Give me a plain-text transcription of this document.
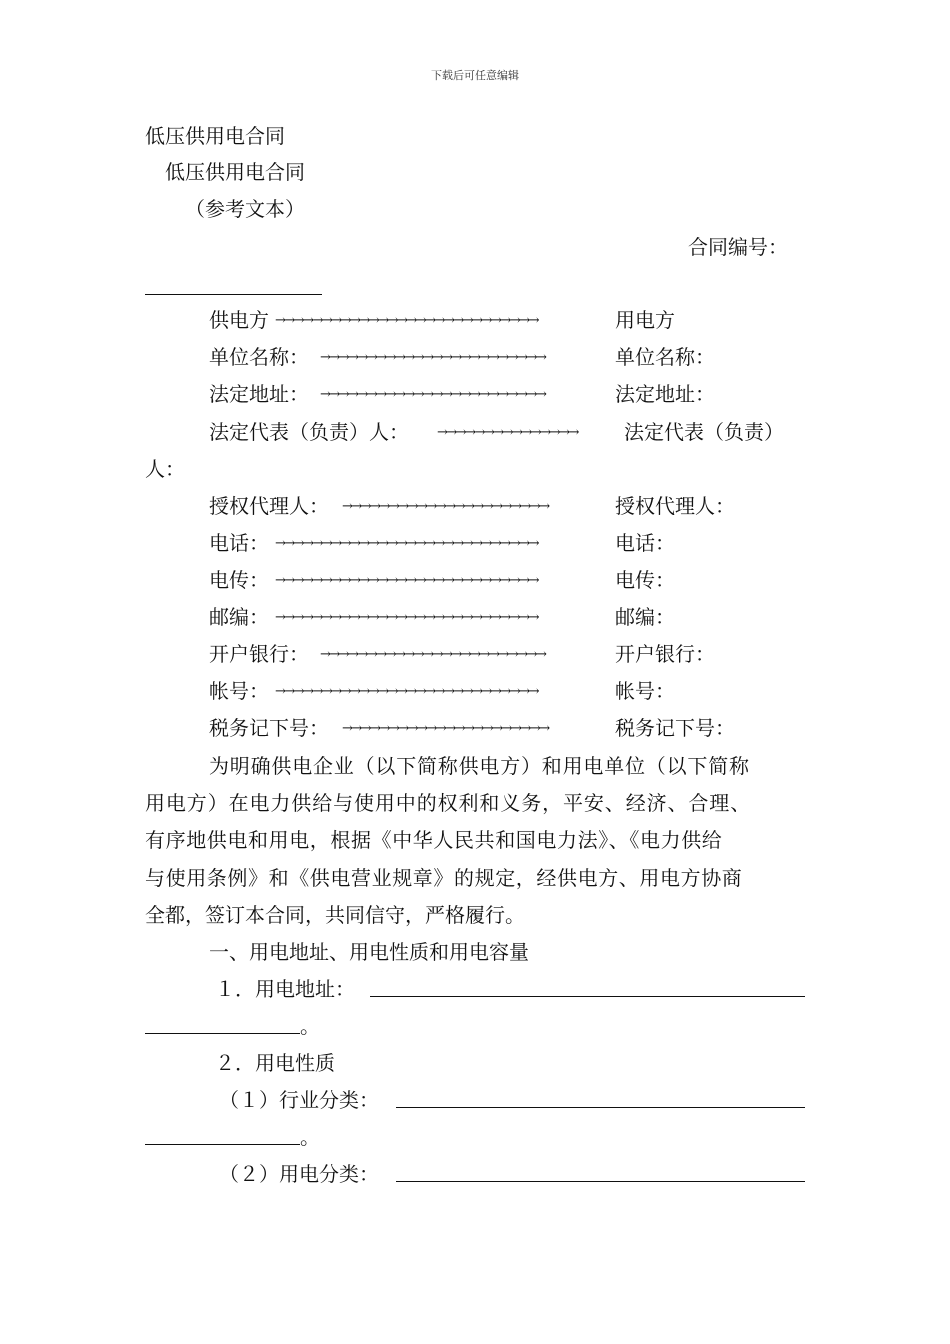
下载后可任意编辑
低压供用电合同
低压供用电合同
（参考文本）
合同编号：
供电方 →→→→→→→→→→→→→→→→→→→→→→→→→→→→	用电方
单位名称： →→→→→→→→→→→→→→→→→→→→→→→→	单位名称：
法定地址： →→→→→→→→→→→→→→→→→→→→→→→→	法定地址：
法定代表（负责）人： →→→→→→→→→→→→→→→	法定代表（负责）
人：
授权代理人： →→→→→→→→→→→→→→→→→→→→→→	授权代理人：
电话： →→→→→→→→→→→→→→→→→→→→→→→→→→→→	电话：
电传： →→→→→→→→→→→→→→→→→→→→→→→→→→→→	电传：
邮编： →→→→→→→→→→→→→→→→→→→→→→→→→→→→	邮编：
开户银行： →→→→→→→→→→→→→→→→→→→→→→→→	开户银行：
帐号： →→→→→→→→→→→→→→→→→→→→→→→→→→→→	帐号：
税务记下号： →→→→→→→→→→→→→→→→→→→→→→	税务记下号：
为明确供电企业（以下简称供电方）和用电单位（以下简称
用电方）在电力供给与使用中的权利和义务，平安、经济、合理、
有序地供电和用电，根据《中华人民共和国电力法》、《电力供给
与使用条例》和《供电营业规章》的规定，经供电方、用电方协商
全都，签订本合同，共同信守，严格履行。
一、用电地址、用电性质和用电容量
１．用电地址：
。
２．用电性质
（１）行业分类：
。
（２）用电分类：
